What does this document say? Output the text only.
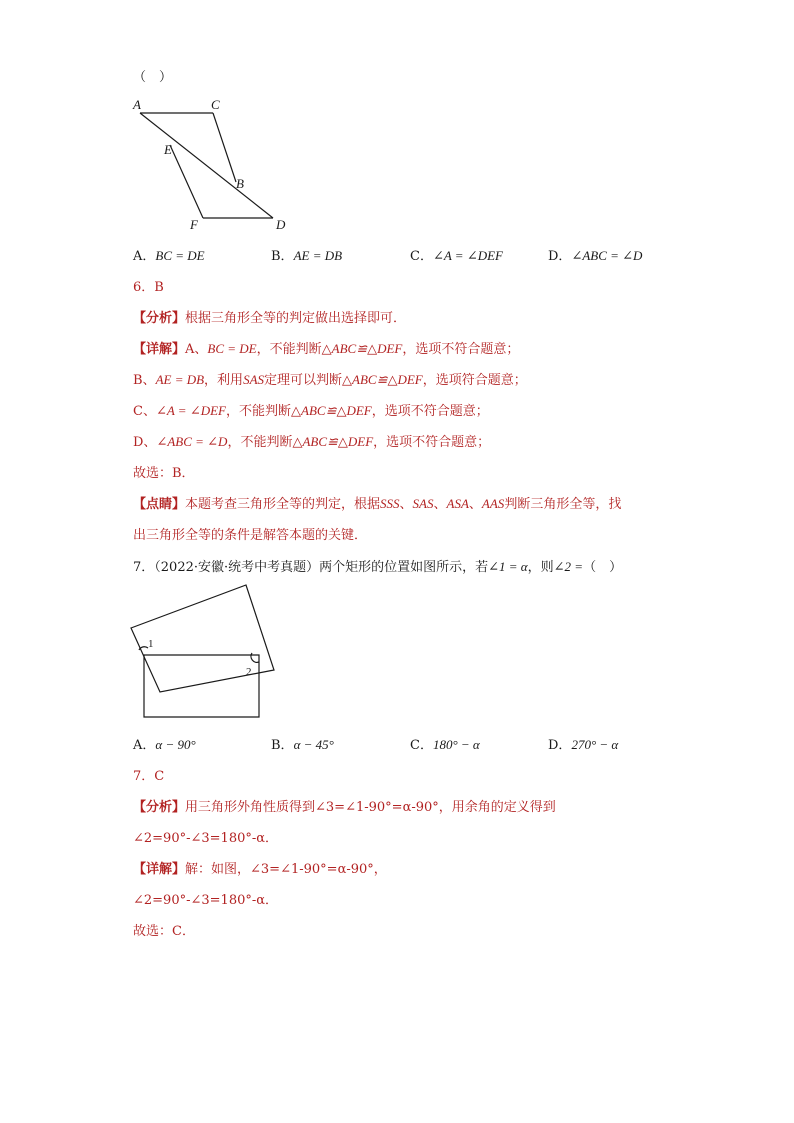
（　）
A	C
E
B
F	D
A．BC = DE	B．AE = DB	C．∠A = ∠DEF	D．∠ABC = ∠D
6．B
【分析】根据三角形全等的判定做出选择即可．
【详解】A、BC = DE，不能判断△ABC≌△DEF，选项不符合题意；
B、AE = DB，利用SAS定理可以判断△ABC≌△DEF，选项符合题意；
C、∠A = ∠DEF，不能判断△ABC≌△DEF，选项不符合题意；
D、∠ABC = ∠D，不能判断△ABC≌△DEF，选项不符合题意；
故选：B．
【点睛】本题考查三角形全等的判定，根据SSS、SAS、ASA、AAS判断三角形全等，找
出三角形全等的条件是解答本题的关键．
7．（2022·安徽·统考中考真题）两个矩形的位置如图所示，若∠1 = α，则∠2 =（　）
1
2
A．α − 90°	B．α − 45°	C．180° − α	D．270° − α
7．C
【分析】用三角形外角性质得到∠3=∠1-90°=α-90°，用余角的定义得到
∠2=90°-∠3=180°-α．
【详解】解：如图，∠3=∠1-90°=α-90°，
∠2=90°-∠3=180°-α．
故选：C．
